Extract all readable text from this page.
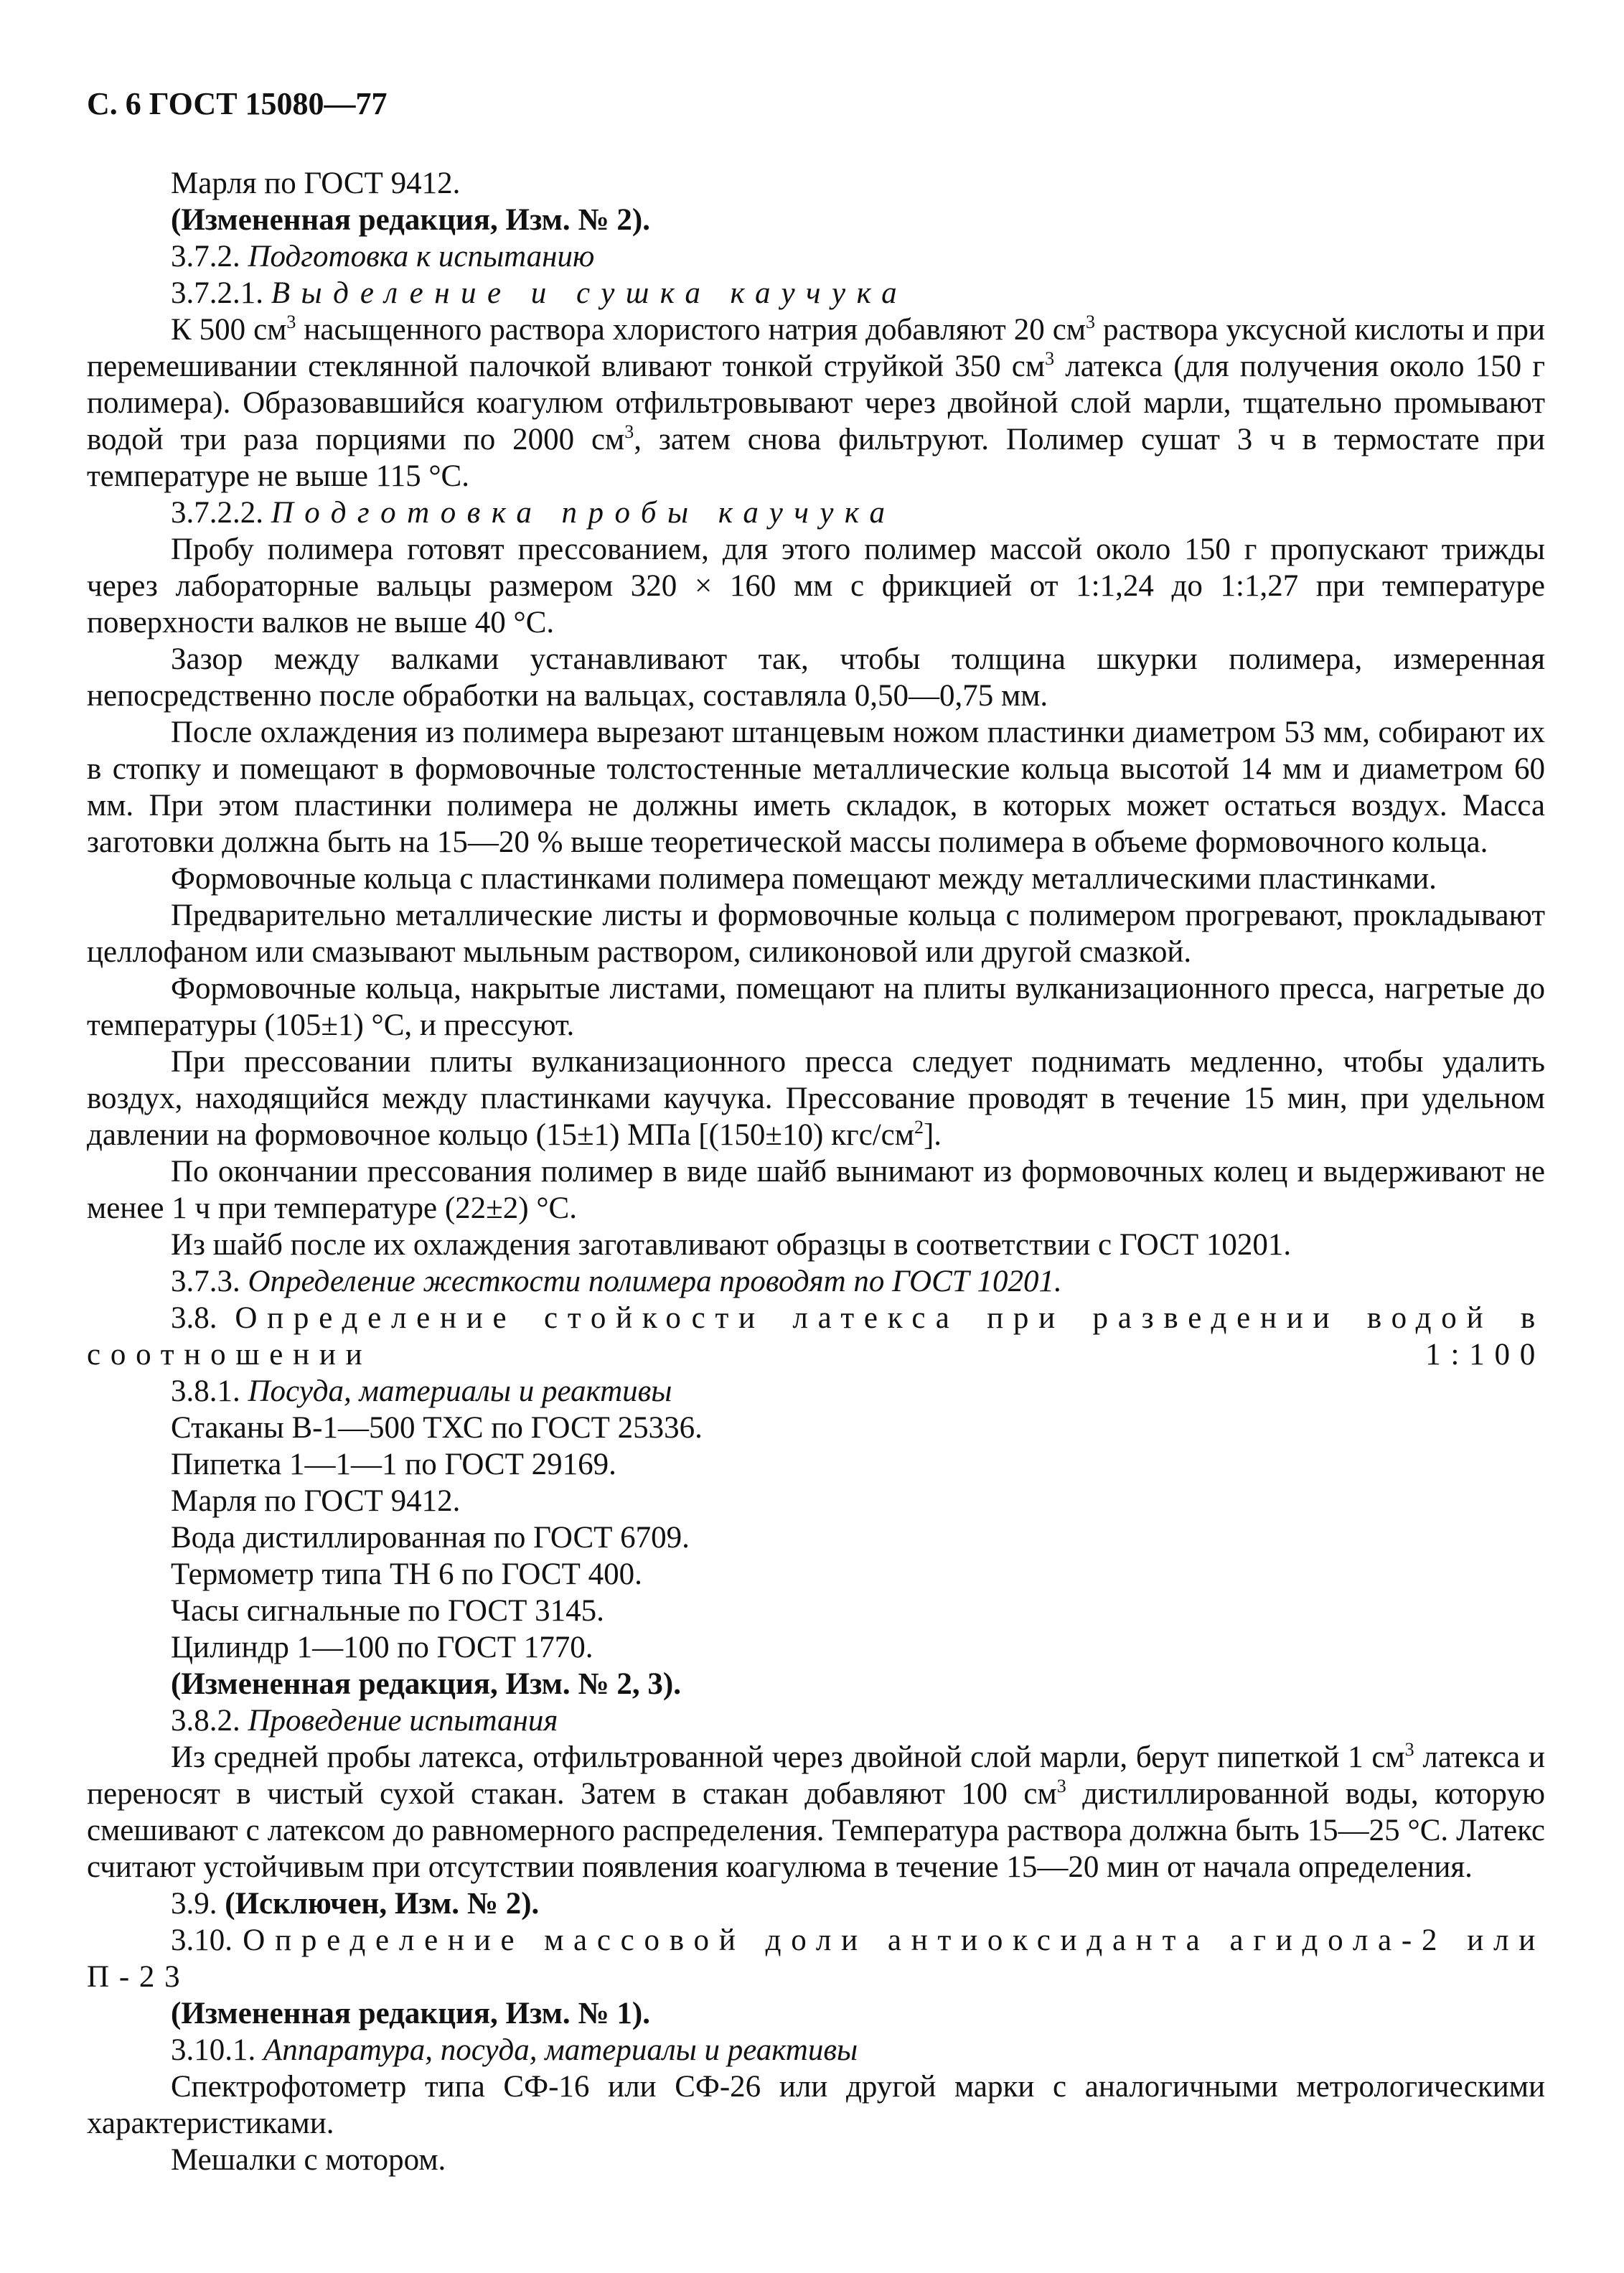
С. 6 ГОСТ 15080—77

Марля по ГОСТ 9412.

(Измененная редакция, Изм. № 2).

3.7.2. Подготовка к испытанию

3.7.2.1. Выделение и сушка каучука

К 500 $см^3$ насыщенного раствора хлористого натрия добавляют 20 $см^3$ раствора уксусной кислоты и при перемешивании стеклянной палочкой вливают тонкой струйкой 350 $см^3$ латекса (для получения около 150 г полимера). Образовавшийся коагулюм отфильтровывают через двойной слой марли, тщательно промывают водой три раза порциями по 2000 $см^3$, затем снова фильтруют. Полимер сушат 3 ч в термостате при температуре не выше 115 °С.

3.7.2.2. Подготовка пробы каучука

Пробу полимера готовят прессованием, для этого полимер массой около 150 г пропускают трижды через лабораторные вальцы размером 320 × 160 мм с фрикцией от 1:1,24 до 1:1,27 при температуре поверхности валков не выше 40 °С.

Зазор между валками устанавливают так, чтобы толщина шкурки полимера, измеренная непосредственно после обработки на вальцах, составляла 0,50—0,75 мм.

После охлаждения из полимера вырезают штанцевым ножом пластинки диаметром 53 мм, собирают их в стопку и помещают в формовочные толстостенные металлические кольца высотой 14 мм и диаметром 60 мм. При этом пластинки полимера не должны иметь складок, в которых может остаться воздух. Масса заготовки должна быть на 15—20 % выше теоретической массы полимера в объеме формовочного кольца.

Формовочные кольца с пластинками полимера помещают между металлическими пластинками.

Предварительно металлические листы и формовочные кольца с полимером прогревают, прокладывают целлофаном или смазывают мыльным раствором, силиконовой или другой смазкой.

Формовочные кольца, накрытые листами, помещают на плиты вулканизационного пресса, нагретые до температуры (105±1) °С, и прессуют.

При прессовании плиты вулканизационного пресса следует поднимать медленно, чтобы удалить воздух, находящийся между пластинками каучука. Прессование проводят в течение 15 мин, при удельном давлении на формовочное кольцо (15±1) МПа [(150±10) кгс/$см^2$].

По окончании прессования полимер в виде шайб вынимают из формовочных колец и выдерживают не менее 1 ч при температуре (22±2) °С.

Из шайб после их охлаждения заготавливают образцы в соответствии с ГОСТ 10201.

3.7.3. Определение жесткости полимера проводят по ГОСТ 10201.

3.8. Определение стойкости латекса при разведении водой в соотношении 1:100

3.8.1. Посуда, материалы и реактивы

Стаканы В-1—500 ТХС по ГОСТ 25336.

Пипетка 1—1—1 по ГОСТ 29169.

Марля по ГОСТ 9412.

Вода дистиллированная по ГОСТ 6709.

Термометр типа ТН 6 по ГОСТ 400.

Часы сигнальные по ГОСТ 3145.

Цилиндр 1—100 по ГОСТ 1770.

(Измененная редакция, Изм. № 2, 3).

3.8.2. Проведение испытания

Из средней пробы латекса, отфильтрованной через двойной слой марли, берут пипеткой 1 $см^3$ латекса и переносят в чистый сухой стакан. Затем в стакан добавляют 100 $см^3$ дистиллированной воды, которую смешивают с латексом до равномерного распределения. Температура раствора должна быть 15—25 °С. Латекс считают устойчивым при отсутствии появления коагулюма в течение 15—20 мин от начала определения.

3.9. (Исключен, Изм. № 2).

3.10. Определение массовой доли антиоксиданта агидола-2 или П-23

(Измененная редакция, Изм. № 1).

3.10.1. Аппаратура, посуда, материалы и реактивы

Спектрофотометр типа СФ-16 или СФ-26 или другой марки с аналогичными метрологическими характеристиками.

Мешалки с мотором.
